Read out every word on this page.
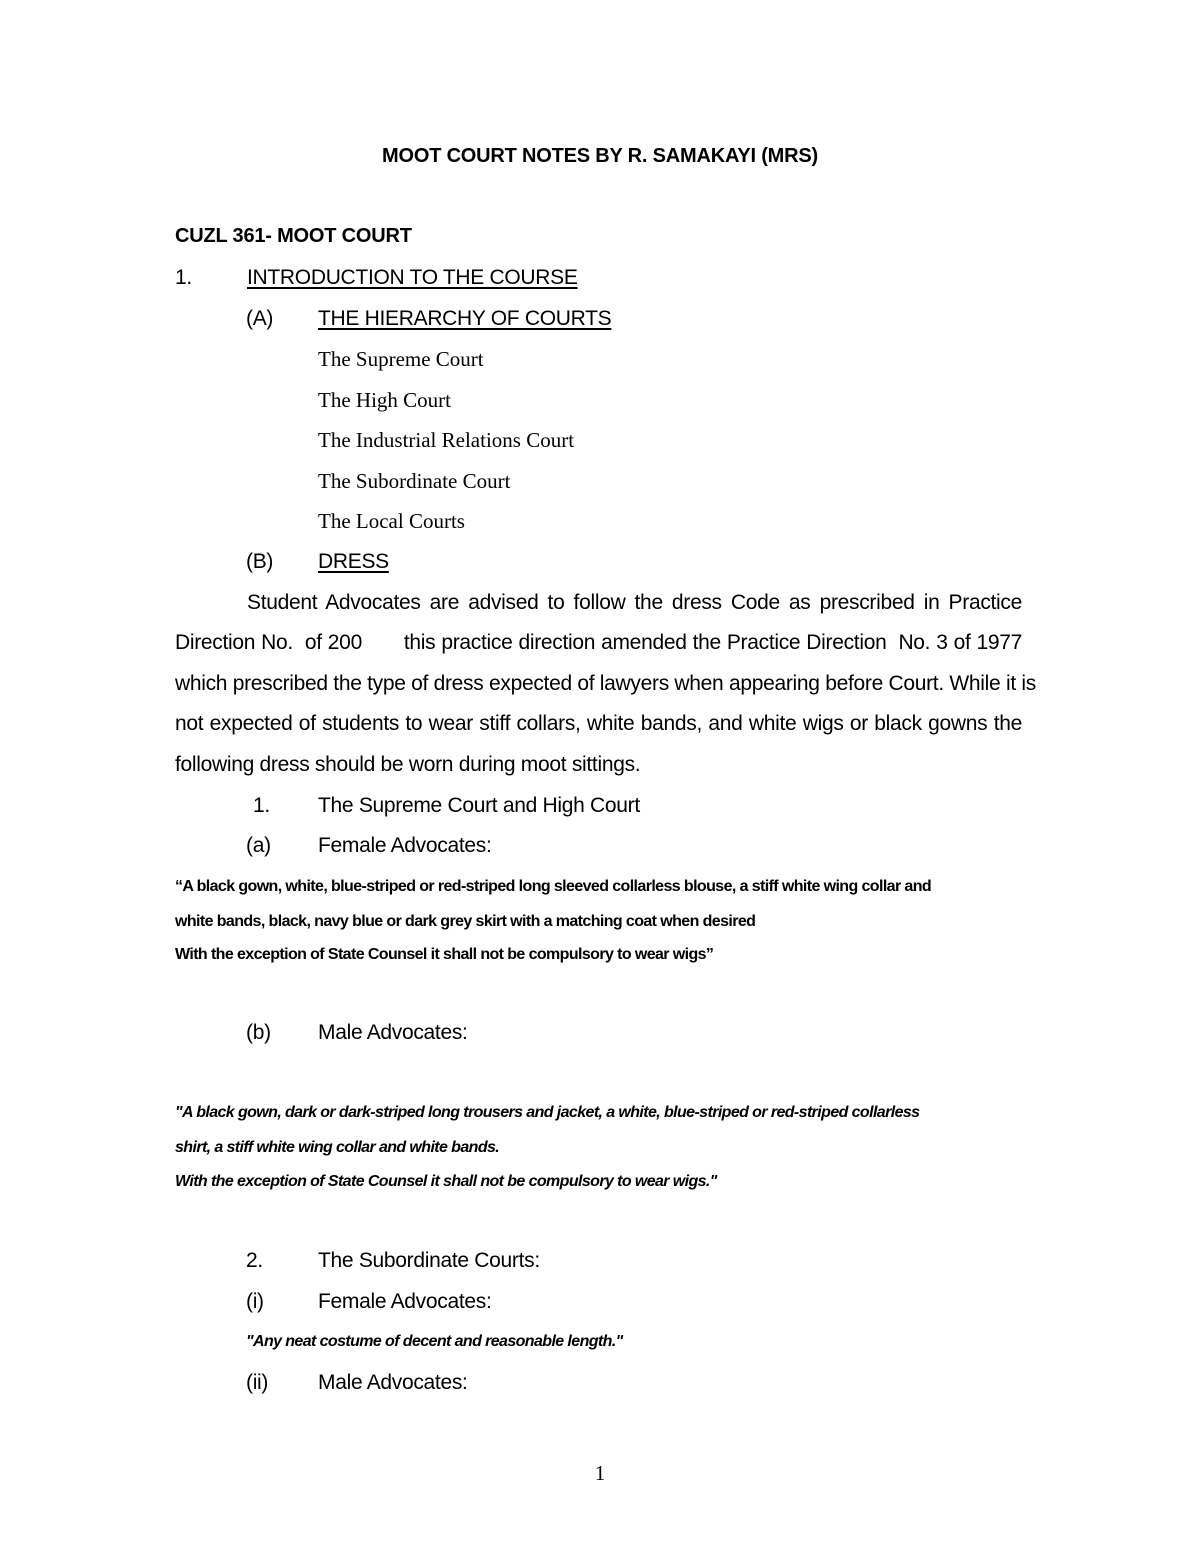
MOOT COURT NOTES BY R. SAMAKAYI (MRS)
CUZL 361- MOOT COURT
1.	INTRODUCTION TO THE COURSE
(A) THE HIERARCHY OF COURTS
The Supreme Court
The High Court
The Industrial Relations Court
The Subordinate Court
The Local Courts
(B) DRESS
Student Advocates are advised to follow the dress Code as prescribed in Practice
Direction No.  of 200       this practice direction amended the Practice Direction  No. 3 of 1977
which prescribed the type of dress expected of lawyers when appearing before Court. While it is
not expected of students to wear stiff collars, white bands, and white wigs or black gowns the
following dress should be worn during moot sittings.
1. The Supreme Court and High Court
(a) Female Advocates:
“A black gown, white, blue-striped or red-striped long sleeved collarless blouse, a stiff white wing collar and
white bands, black, navy blue or dark grey skirt with a matching coat when desired
With the exception of State Counsel it shall not be compulsory to wear wigs”
(b) Male Advocates:
"A black gown, dark or dark-striped long trousers and jacket, a white, blue-striped or red-striped collarless
shirt, a stiff white wing collar and white bands.
With the exception of State Counsel it shall not be compulsory to wear wigs."
2.	The Subordinate Courts:
(i)	Female Advocates:
"Any neat costume of decent and reasonable length."
(ii) Male Advocates:
1
